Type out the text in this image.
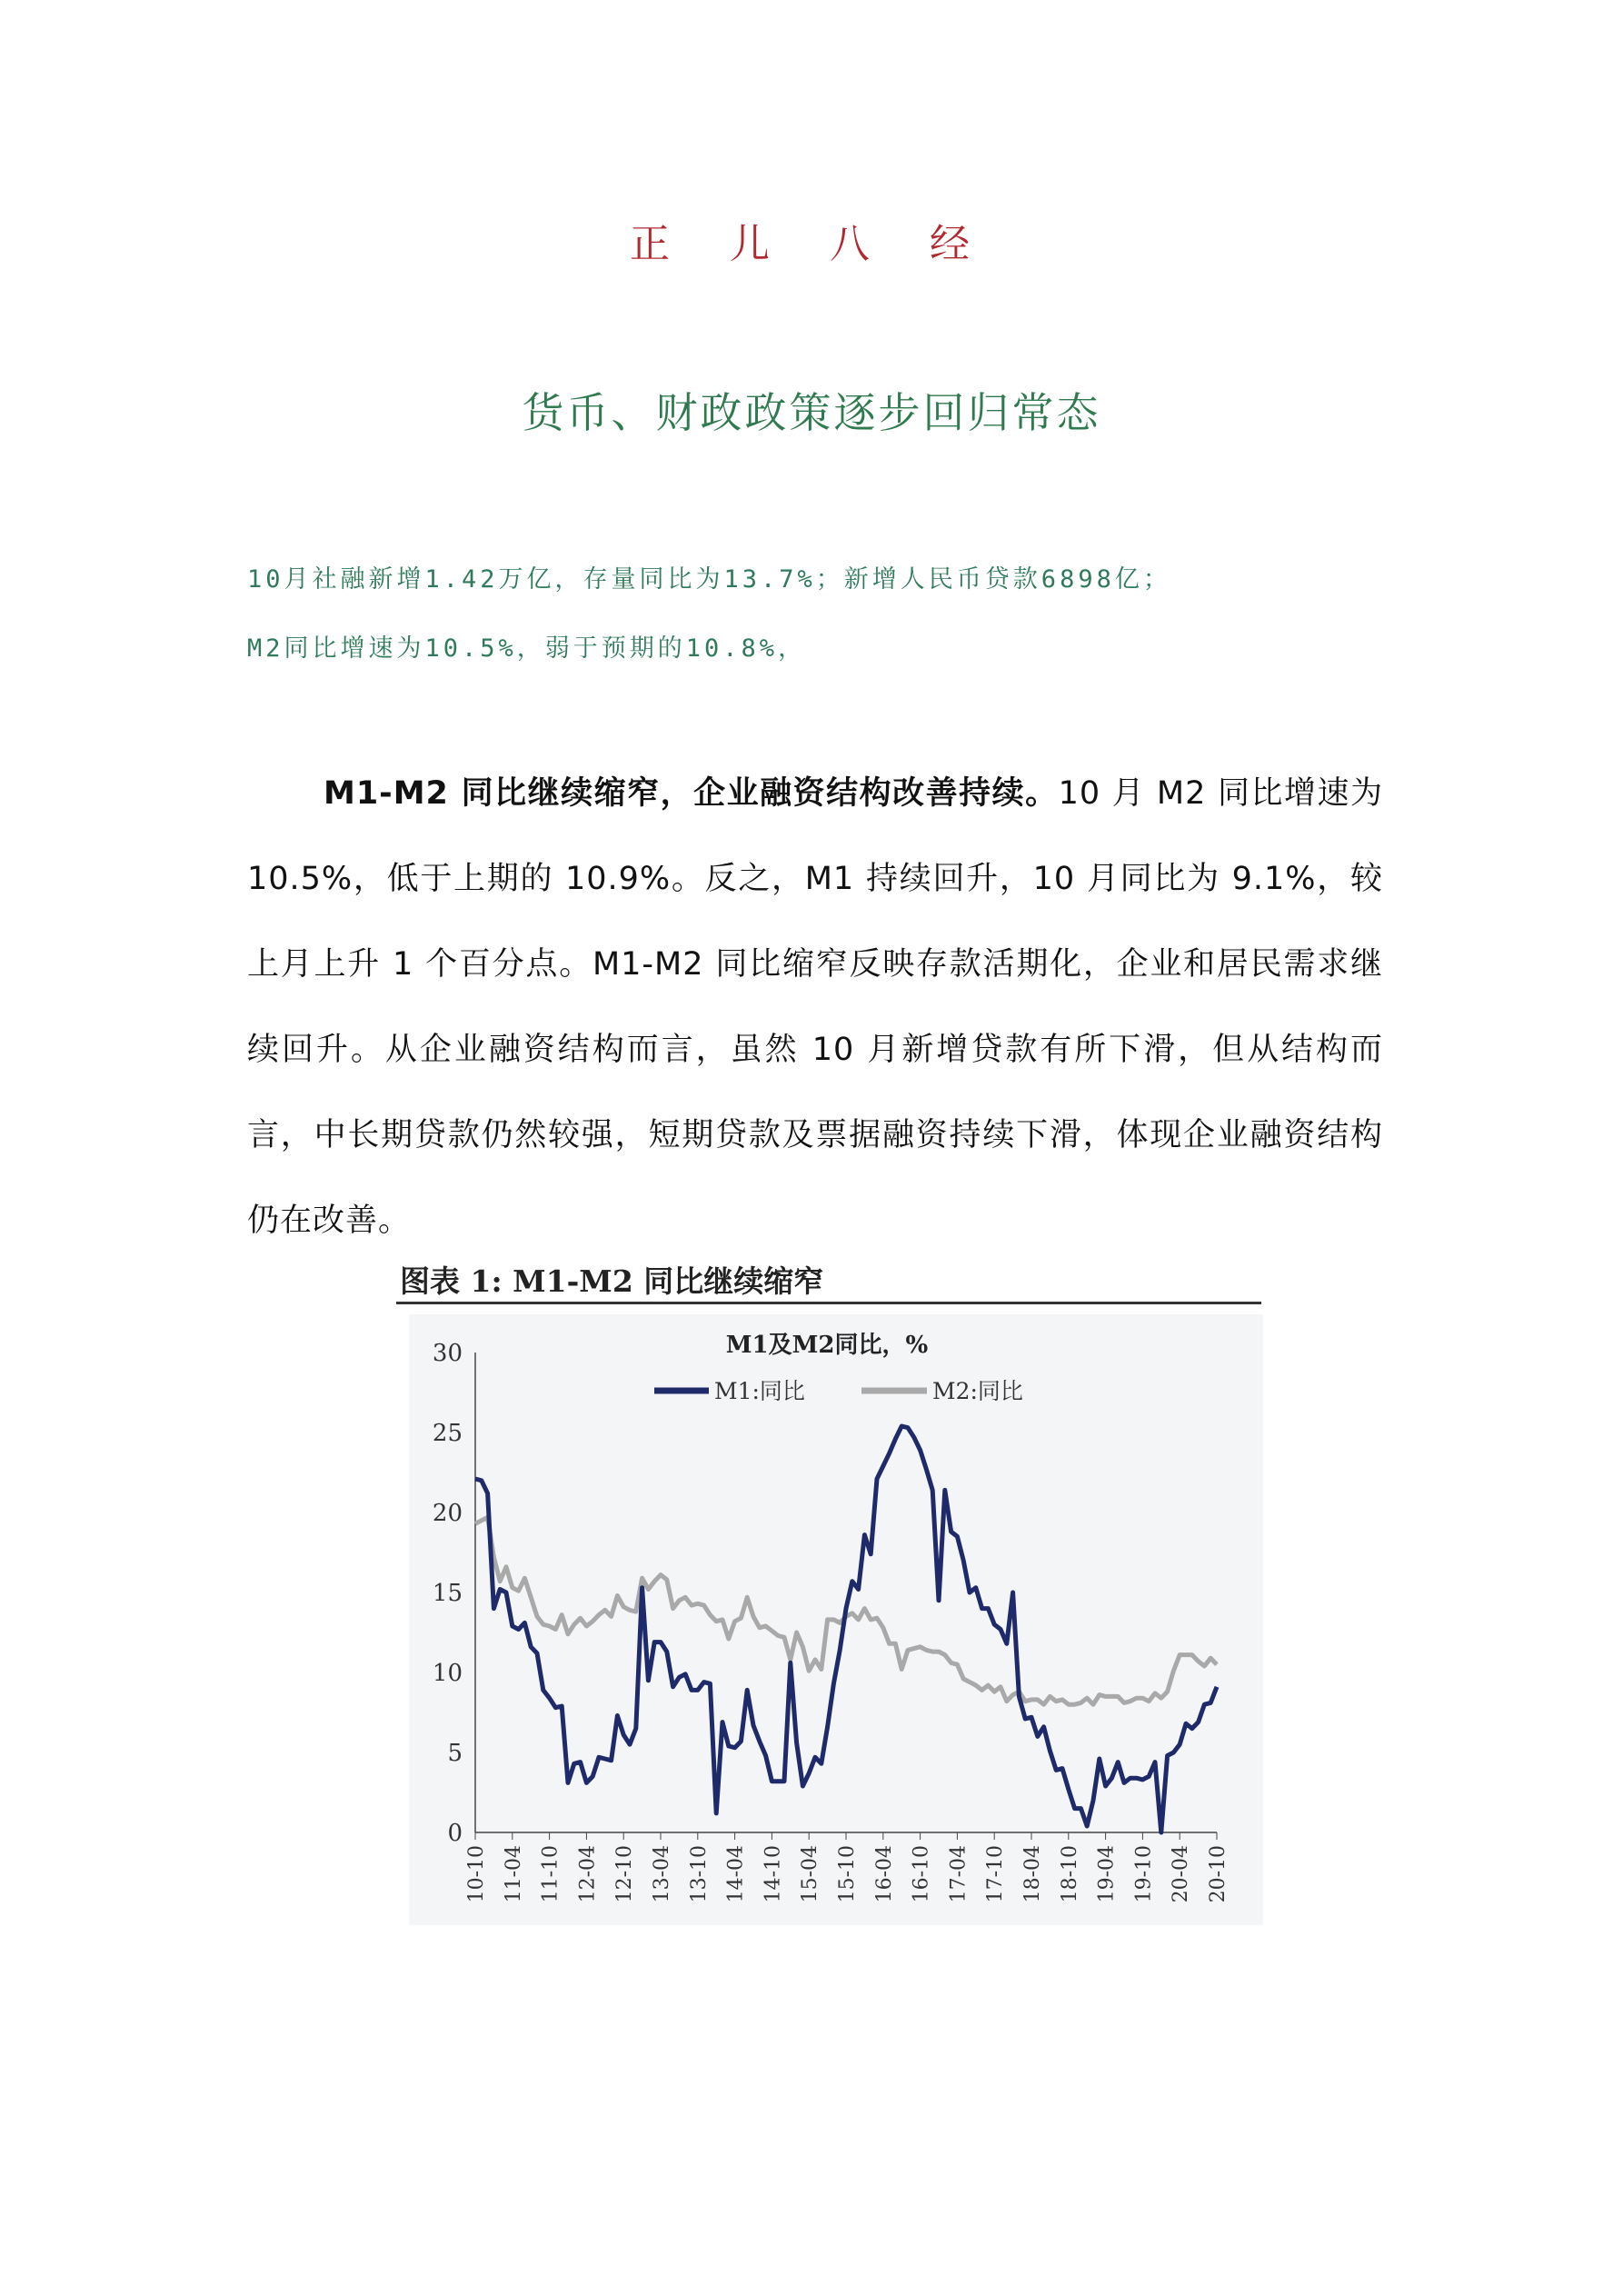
正 儿 八 经
货币、财政政策逐步回归常态
10月社融新增1.42万亿，存量同比为13.7%；新增人民币贷款6898亿；
M2同比增速为10.5%，弱于预期的10.8%，
M1-M2 同比继续缩窄，企业融资结构改善持续。10 月 M2 同比增速为 10.5%，低于上期的 10.9%。反之，M1 持续回升，10 月同比为 9.1%，较上月上升 1 个百分点。M1-M2 同比缩窄反映存款活期化，企业和居民需求继续回升。从企业融资结构而言，虽然 10 月新增贷款有所下滑，但从结构而言，中长期贷款仍然较强，短期贷款及票据融资持续下滑，体现企业融资结构仍在改善。
图表 1: M1-M2 同比继续缩窄
0
5
10
15
20
25
30
10-10 11-04 11-10 12-04 12-10 13-04 13-10 14-04 14-10 15-04 15-10 16-04 16-10 17-04 17-10 18-04 18-10 19-04 19-10 20-04 20-10
M1及M2同比，%
M1:同比	M2:同比
